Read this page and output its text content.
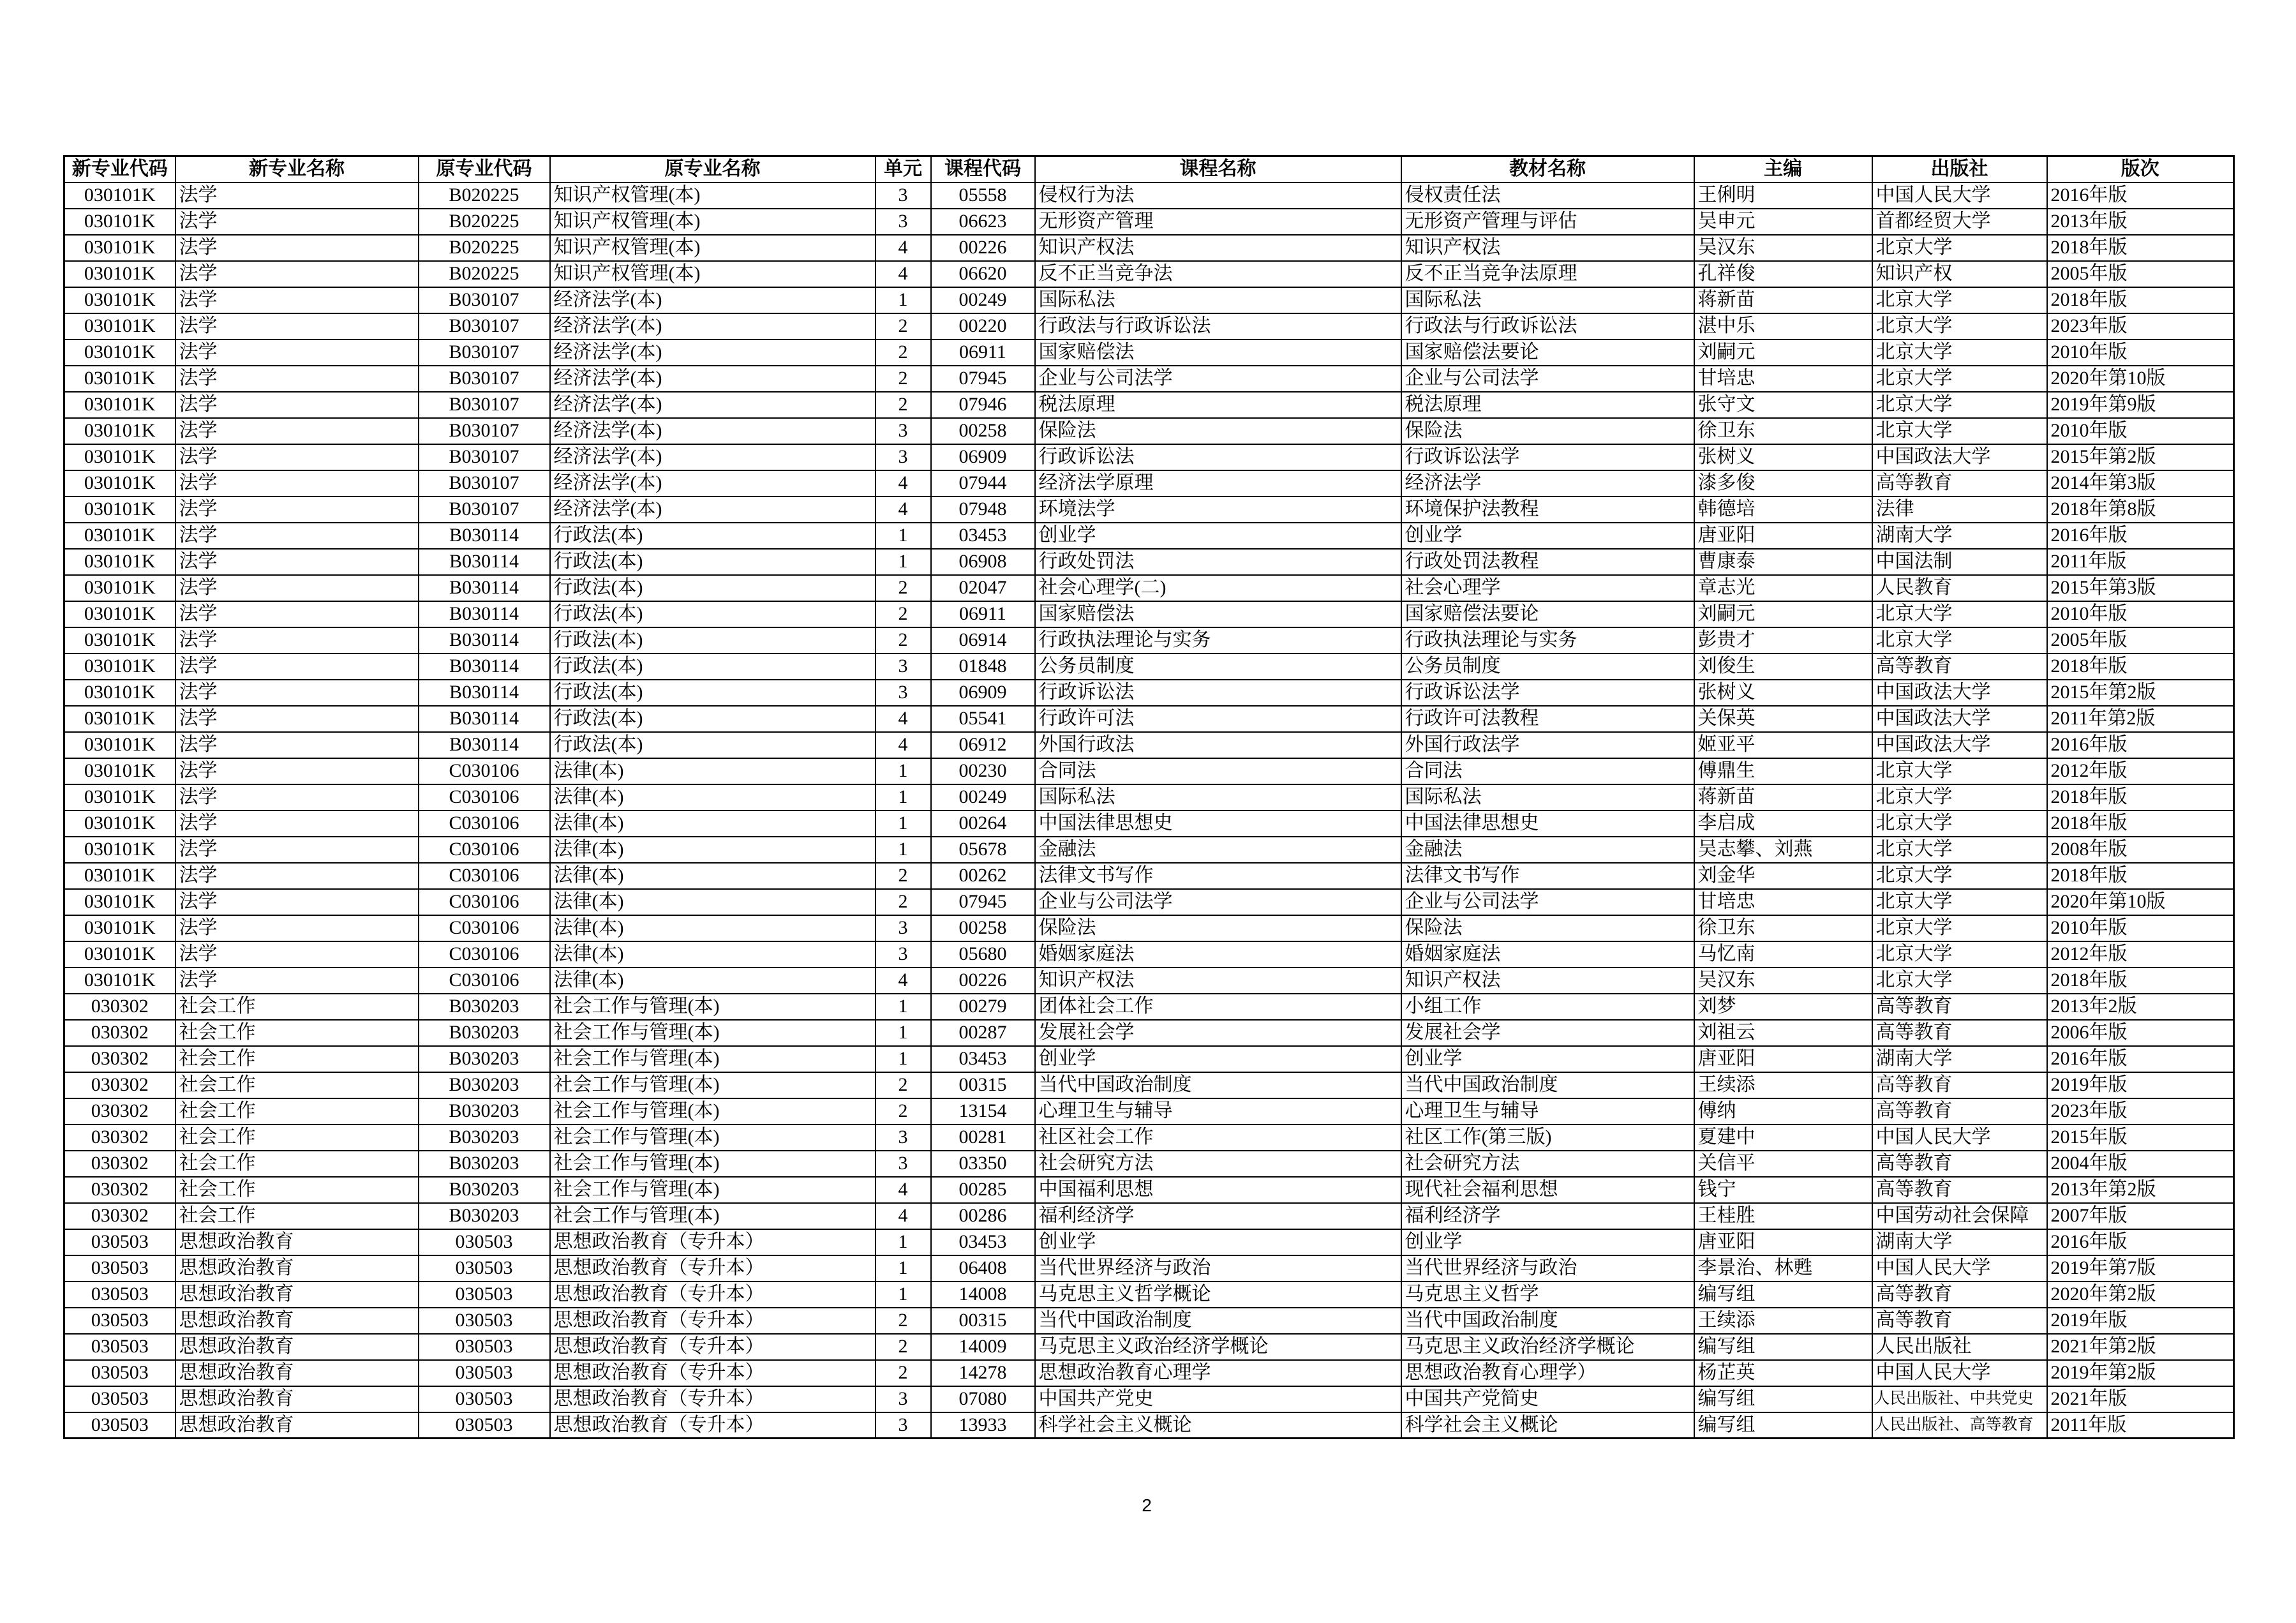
新专业代码	新专业名称	原专业代码	原专业名称	单元	课程代码	课程名称	教材名称	主编	出版社	版次
030101K	法学	B020225	知识产权管理(本)	3	05558	侵权行为法	侵权责任法	王俐明	中国人民大学	2016年版
030101K	法学	B020225	知识产权管理(本)	3	06623	无形资产管理	无形资产管理与评估	吴申元	首都经贸大学	2013年版
030101K	法学	B020225	知识产权管理(本)	4	00226	知识产权法	知识产权法	吴汉东	北京大学	2018年版
030101K	法学	B020225	知识产权管理(本)	4	06620	反不正当竞争法	反不正当竞争法原理	孔祥俊	知识产权	2005年版
030101K	法学	B030107	经济法学(本)	1	00249	国际私法	国际私法	蒋新苗	北京大学	2018年版
030101K	法学	B030107	经济法学(本)	2	00220	行政法与行政诉讼法	行政法与行政诉讼法	湛中乐	北京大学	2023年版
030101K	法学	B030107	经济法学(本)	2	06911	国家赔偿法	国家赔偿法要论	刘嗣元	北京大学	2010年版
030101K	法学	B030107	经济法学(本)	2	07945	企业与公司法学	企业与公司法学	甘培忠	北京大学	2020年第10版
030101K	法学	B030107	经济法学(本)	2	07946	税法原理	税法原理	张守文	北京大学	2019年第9版
030101K	法学	B030107	经济法学(本)	3	00258	保险法	保险法	徐卫东	北京大学	2010年版
030101K	法学	B030107	经济法学(本)	3	06909	行政诉讼法	行政诉讼法学	张树义	中国政法大学	2015年第2版
030101K	法学	B030107	经济法学(本)	4	07944	经济法学原理	经济法学	漆多俊	高等教育	2014年第3版
030101K	法学	B030107	经济法学(本)	4	07948	环境法学	环境保护法教程	韩德培	法律	2018年第8版
030101K	法学	B030114	行政法(本)	1	03453	创业学	创业学	唐亚阳	湖南大学	2016年版
030101K	法学	B030114	行政法(本)	1	06908	行政处罚法	行政处罚法教程	曹康泰	中国法制	2011年版
030101K	法学	B030114	行政法(本)	2	02047	社会心理学(二)	社会心理学	章志光	人民教育	2015年第3版
030101K	法学	B030114	行政法(本)	2	06911	国家赔偿法	国家赔偿法要论	刘嗣元	北京大学	2010年版
030101K	法学	B030114	行政法(本)	2	06914	行政执法理论与实务	行政执法理论与实务	彭贵才	北京大学	2005年版
030101K	法学	B030114	行政法(本)	3	01848	公务员制度	公务员制度	刘俊生	高等教育	2018年版
030101K	法学	B030114	行政法(本)	3	06909	行政诉讼法	行政诉讼法学	张树义	中国政法大学	2015年第2版
030101K	法学	B030114	行政法(本)	4	05541	行政许可法	行政许可法教程	关保英	中国政法大学	2011年第2版
030101K	法学	B030114	行政法(本)	4	06912	外国行政法	外国行政法学	姬亚平	中国政法大学	2016年版
030101K	法学	C030106	法律(本)	1	00230	合同法	合同法	傅鼎生	北京大学	2012年版
030101K	法学	C030106	法律(本)	1	00249	国际私法	国际私法	蒋新苗	北京大学	2018年版
030101K	法学	C030106	法律(本)	1	00264	中国法律思想史	中国法律思想史	李启成	北京大学	2018年版
030101K	法学	C030106	法律(本)	1	05678	金融法	金融法	吴志攀、刘燕	北京大学	2008年版
030101K	法学	C030106	法律(本)	2	00262	法律文书写作	法律文书写作	刘金华	北京大学	2018年版
030101K	法学	C030106	法律(本)	2	07945	企业与公司法学	企业与公司法学	甘培忠	北京大学	2020年第10版
030101K	法学	C030106	法律(本)	3	00258	保险法	保险法	徐卫东	北京大学	2010年版
030101K	法学	C030106	法律(本)	3	05680	婚姻家庭法	婚姻家庭法	马忆南	北京大学	2012年版
030101K	法学	C030106	法律(本)	4	00226	知识产权法	知识产权法	吴汉东	北京大学	2018年版
030302	社会工作	B030203	社会工作与管理(本)	1	00279	团体社会工作	小组工作	刘梦	高等教育	2013年2版
030302	社会工作	B030203	社会工作与管理(本)	1	00287	发展社会学	发展社会学	刘祖云	高等教育	2006年版
030302	社会工作	B030203	社会工作与管理(本)	1	03453	创业学	创业学	唐亚阳	湖南大学	2016年版
030302	社会工作	B030203	社会工作与管理(本)	2	00315	当代中国政治制度	当代中国政治制度	王续添	高等教育	2019年版
030302	社会工作	B030203	社会工作与管理(本)	2	13154	心理卫生与辅导	心理卫生与辅导	傅纳	高等教育	2023年版
030302	社会工作	B030203	社会工作与管理(本)	3	00281	社区社会工作	社区工作(第三版)	夏建中	中国人民大学	2015年版
030302	社会工作	B030203	社会工作与管理(本)	3	03350	社会研究方法	社会研究方法	关信平	高等教育	2004年版
030302	社会工作	B030203	社会工作与管理(本)	4	00285	中国福利思想	现代社会福利思想	钱宁	高等教育	2013年第2版
030302	社会工作	B030203	社会工作与管理(本)	4	00286	福利经济学	福利经济学	王桂胜	中国劳动社会保障	2007年版
030503	思想政治教育	030503	思想政治教育（专升本）	1	03453	创业学	创业学	唐亚阳	湖南大学	2016年版
030503	思想政治教育	030503	思想政治教育（专升本）	1	06408	当代世界经济与政治	当代世界经济与政治	李景治、林甦	中国人民大学	2019年第7版
030503	思想政治教育	030503	思想政治教育（专升本）	1	14008	马克思主义哲学概论	马克思主义哲学	编写组	高等教育	2020年第2版
030503	思想政治教育	030503	思想政治教育（专升本）	2	00315	当代中国政治制度	当代中国政治制度	王续添	高等教育	2019年版
030503	思想政治教育	030503	思想政治教育（专升本）	2	14009	马克思主义政治经济学概论	马克思主义政治经济学概论	编写组	人民出版社	2021年第2版
030503	思想政治教育	030503	思想政治教育（专升本）	2	14278	思想政治教育心理学	思想政治教育心理学）	杨芷英	中国人民大学	2019年第2版
030503	思想政治教育	030503	思想政治教育（专升本）	3	07080	中国共产党史	中国共产党简史	编写组	人民出版社、中共党史	2021年版
030503	思想政治教育	030503	思想政治教育（专升本）	3	13933	科学社会主义概论	科学社会主义概论	编写组	人民出版社、高等教育	2011年版
2
